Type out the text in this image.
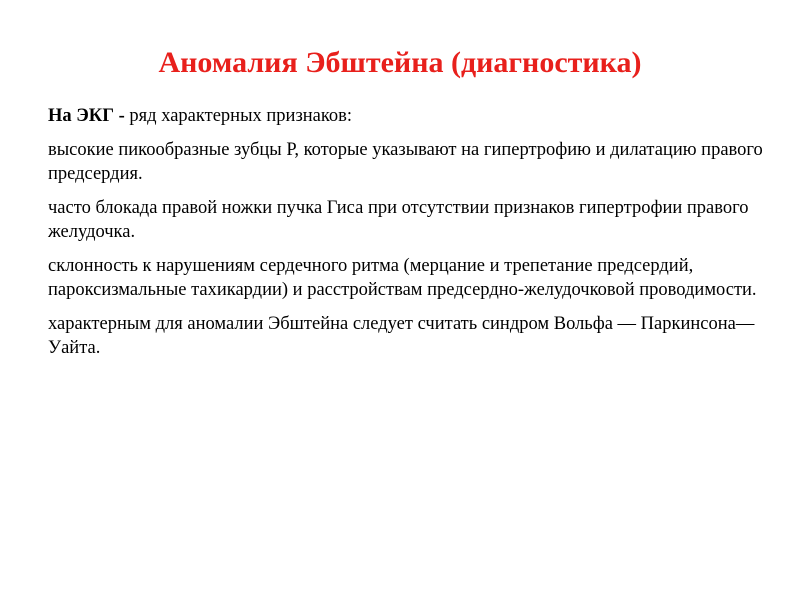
Аномалия Эбштейна (диагностика)

На ЭКГ - ряд характерных признаков:

высокие пикообразные зубцы Р, которые указывают на гипертрофию и дилатацию правого предсердия.

часто блокада правой ножки пучка Гиса при отсутствии признаков гипертрофии правого желудочка.

склонность к нарушениям сердечного ритма (мерцание и трепетание предсердий, пароксизмальные тахикардии) и расстройствам предсердно-желудочковой проводимости.

характерным для аномалии Эбштейна следует считать синдром Вольфа — Паркинсона—Уайта.
